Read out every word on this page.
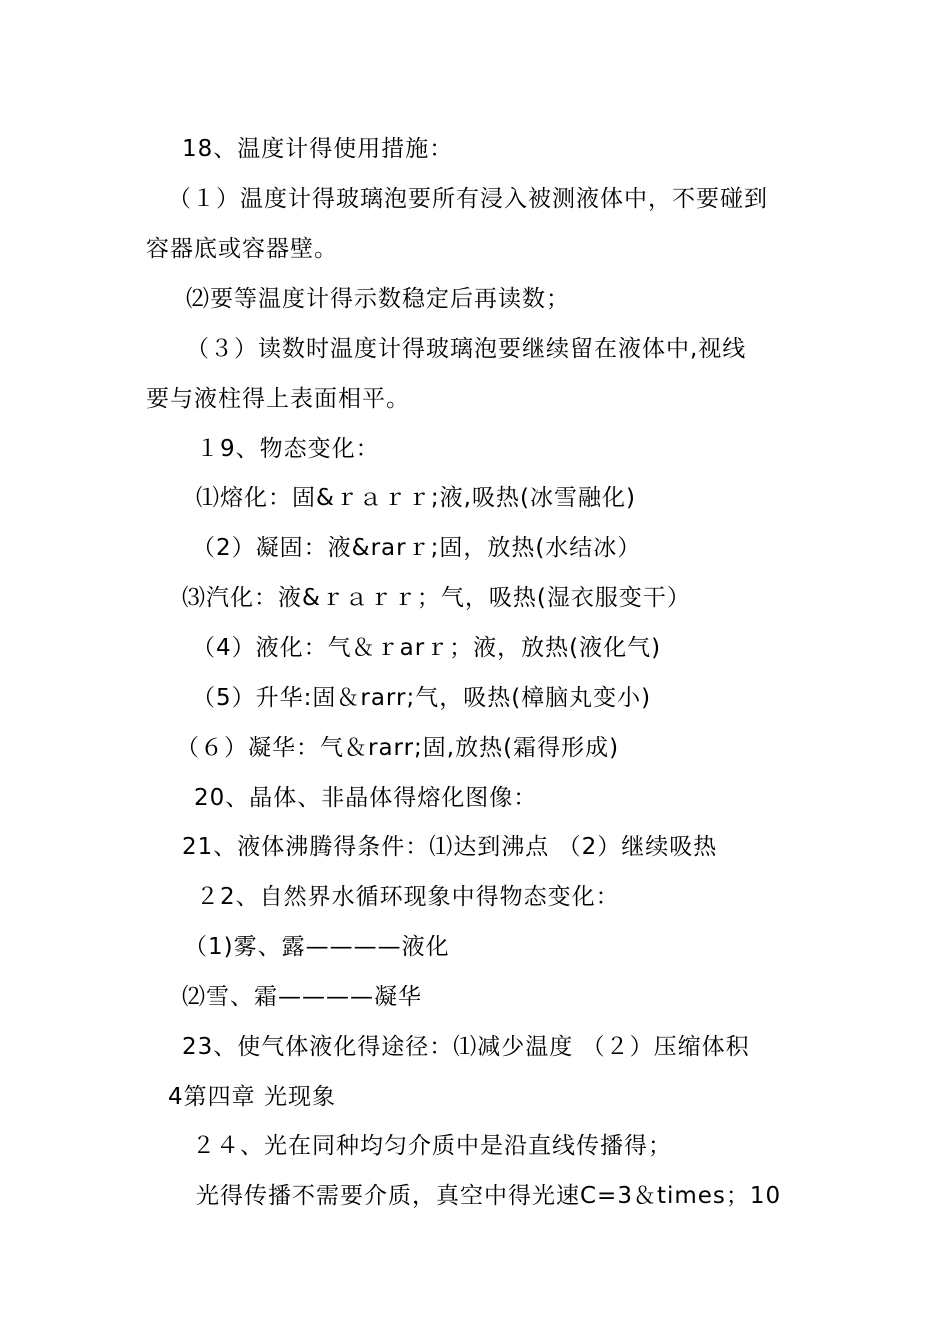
18、温度计得使用措施：
（１）温度计得玻璃泡要所有浸入被测液体中，不要碰到
容器底或容器壁。
⑵要等温度计得示数稳定后再读数；
（３）读数时温度计得玻璃泡要继续留在液体中,视线
要与液柱得上表面相平。
１9、物态变化：
⑴熔化：固&ｒａｒｒ;液,吸热(冰雪融化)
（2）凝固：液&rarｒ;固，放热(水结冰）
⑶汽化：液&ｒａｒｒ；气，吸热(湿衣服变干）
（4）液化：气＆ｒarｒ；液，放热(液化气)
（5）升华:固＆rarr;气，吸热(樟脑丸变小)
（６）凝华：气＆rarr;固,放热(霜得形成)
20、晶体、非晶体得熔化图像：
21、液体沸腾得条件：⑴达到沸点 （2）继续吸热
２2、自然界水循环现象中得物态变化：
（1)雾、露————液化
⑵雪、霜————凝华
23、使气体液化得途径：⑴减少温度 （２）压缩体积
4第四章 光现象
２４、光在同种均匀介质中是沿直线传播得；
光得传播不需要介质，真空中得光速C=3＆times；10
